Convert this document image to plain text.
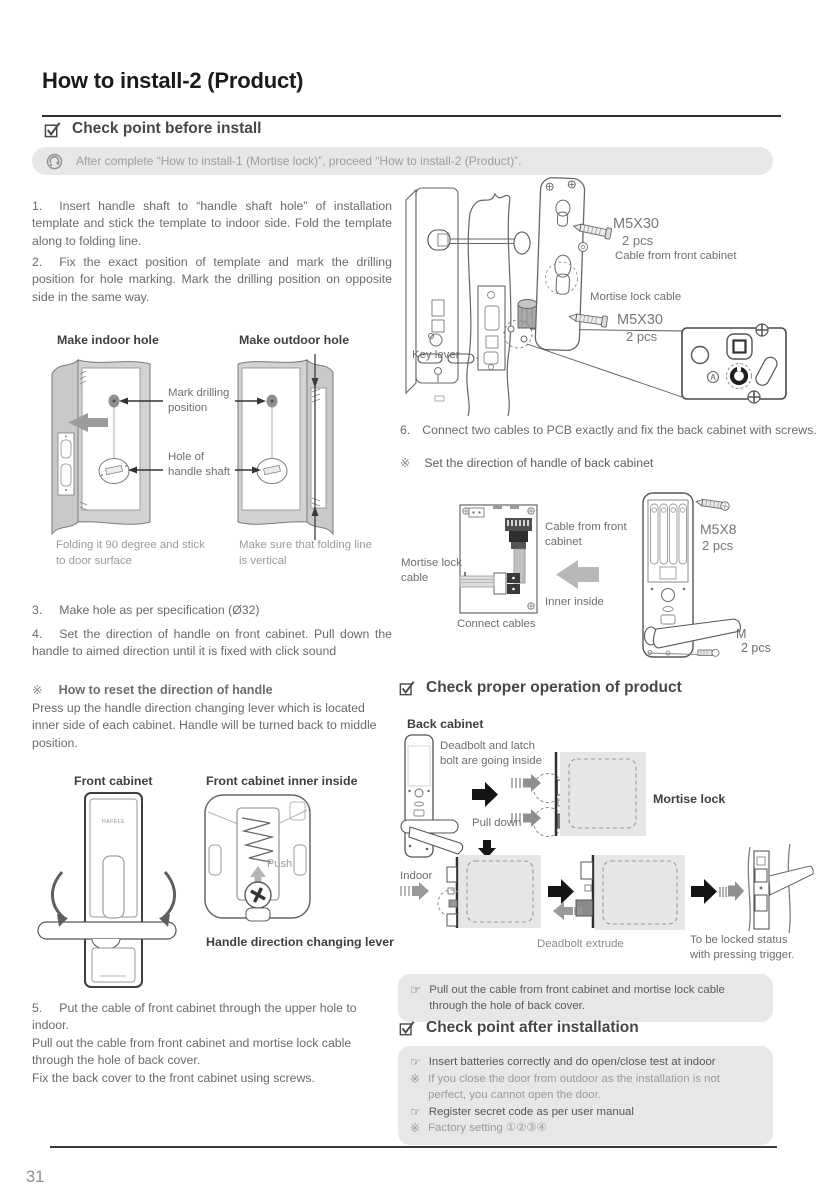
How to install-2 (Product)
Check point before install
After complete “How to install-1 (Mortise lock)”, proceed “How to install-2 (Product)”.
1. Insert handle shaft to “handle shaft hole” of installation template and stick the template to indoor side. Fold the template along to folding line.
2. Fix the exact position of template and mark the drilling position for hole marking. Mark the drilling position on opposite side in the same way.
Make indoor hole	Make outdoor hole
Mark drilling position
Hole of handle shaft
Folding it 90 degree and stick to door surface
Make sure that folding line is vertical
3. Make hole as per specification (Ø32)
4. Set the direction of handle on front cabinet. Pull down the handle to aimed direction until it is fixed with click sound
※ How to reset the direction of handle
Press up the handle direction changing lever which is located inner side of each cabinet. Handle will be turned back to middle position.
Front cabinet	Front cabinet inner inside
HAFELE
Push
Handle direction changing lever
5. Put the cable of front cabinet through the upper hole to indoor.
Pull out the cable from front cabinet and mortise lock cable through the hole of back cover.
Fix the back cover to the front cabinet using screws.
A
M5X30
2 pcs
Cable from front cabinet
Mortise lock cable
M5X30
2 pcs
Key lever
6. Connect two cables to PCB exactly and fix the back cabinet with screws.
※ Set the direction of handle of back cabinet
Cable from front cabinet
Mortise lock cable
Inner inside
Connect cables
M5X8
2 pcs
M
2 pcs
Check proper operation of product
Back cabinet
Deadbolt and latch bolt are going inside
Pull down
Mortise lock
Indoor
Deadbolt extrude	To be locked status with pressing trigger.
☞ Pull out the cable from front cabinet and mortise lock cable through the hole of back cover.
Check point after installation
☞ Insert batteries correctly and do open/close test at indoor
※ If you close the door from outdoor as the installation is not perfect, you cannot open the door.
☞ Register secret code as per user manual
※ Factory setting ①②③④
31
